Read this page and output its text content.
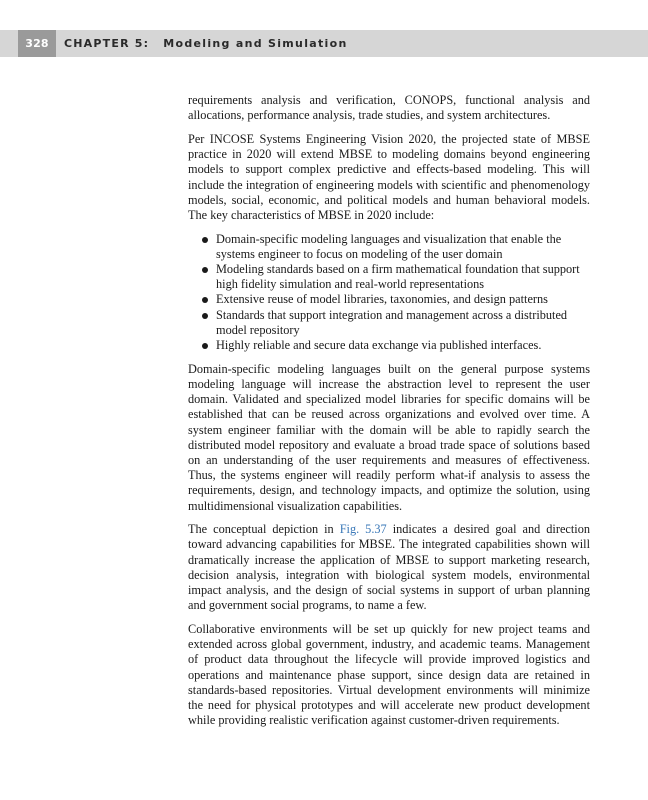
328	CHAPTER 5: Modeling and Simulation

requirements analysis and verification, CONOPS, functional analysis and allocations, performance analysis, trade studies, and system architectures.

Per INCOSE Systems Engineering Vision 2020, the projected state of MBSE practice in 2020 will extend MBSE to modeling domains beyond engineering models to support complex predictive and effects-based modeling. This will include the integration of engineering models with scientific and phenomenology models, social, economic, and political models and human behavioral models. The key characteristics of MBSE in 2020 include:

Domain-specific modeling languages and visualization that enable the systems engineer to focus on modeling of the user domain
Modeling standards based on a firm mathematical foundation that support high fidelity simulation and real-world representations
Extensive reuse of model libraries, taxonomies, and design patterns
Standards that support integration and management across a distributed model repository
Highly reliable and secure data exchange via published interfaces.

Domain-specific modeling languages built on the general purpose systems modeling language will increase the abstraction level to represent the user domain. Validated and specialized model libraries for specific domains will be established that can be reused across organizations and evolved over time. A system engineer familiar with the domain will be able to rapidly search the distributed model repository and evaluate a broad trade space of solutions based on an understanding of the user requirements and measures of effectiveness. Thus, the systems engineer will readily perform what-if analysis to assess the requirements, design, and technology impacts, and optimize the solution, using multidimensional visualization capabilities.

The conceptual depiction in Fig. 5.37 indicates a desired goal and direction toward advancing capabilities for MBSE. The integrated capabilities shown will dramatically increase the application of MBSE to support marketing research, decision analysis, integration with biological system models, environmental impact analysis, and the design of social systems in support of urban planning and government social programs, to name a few.

Collaborative environments will be set up quickly for new project teams and extended across global government, industry, and academic teams. Management of product data throughout the lifecycle will provide improved logistics and operations and maintenance phase support, since design data are retained in standards-based repositories. Virtual development environments will minimize the need for physical prototypes and will accelerate new product development while providing realistic verification against customer-driven requirements.
